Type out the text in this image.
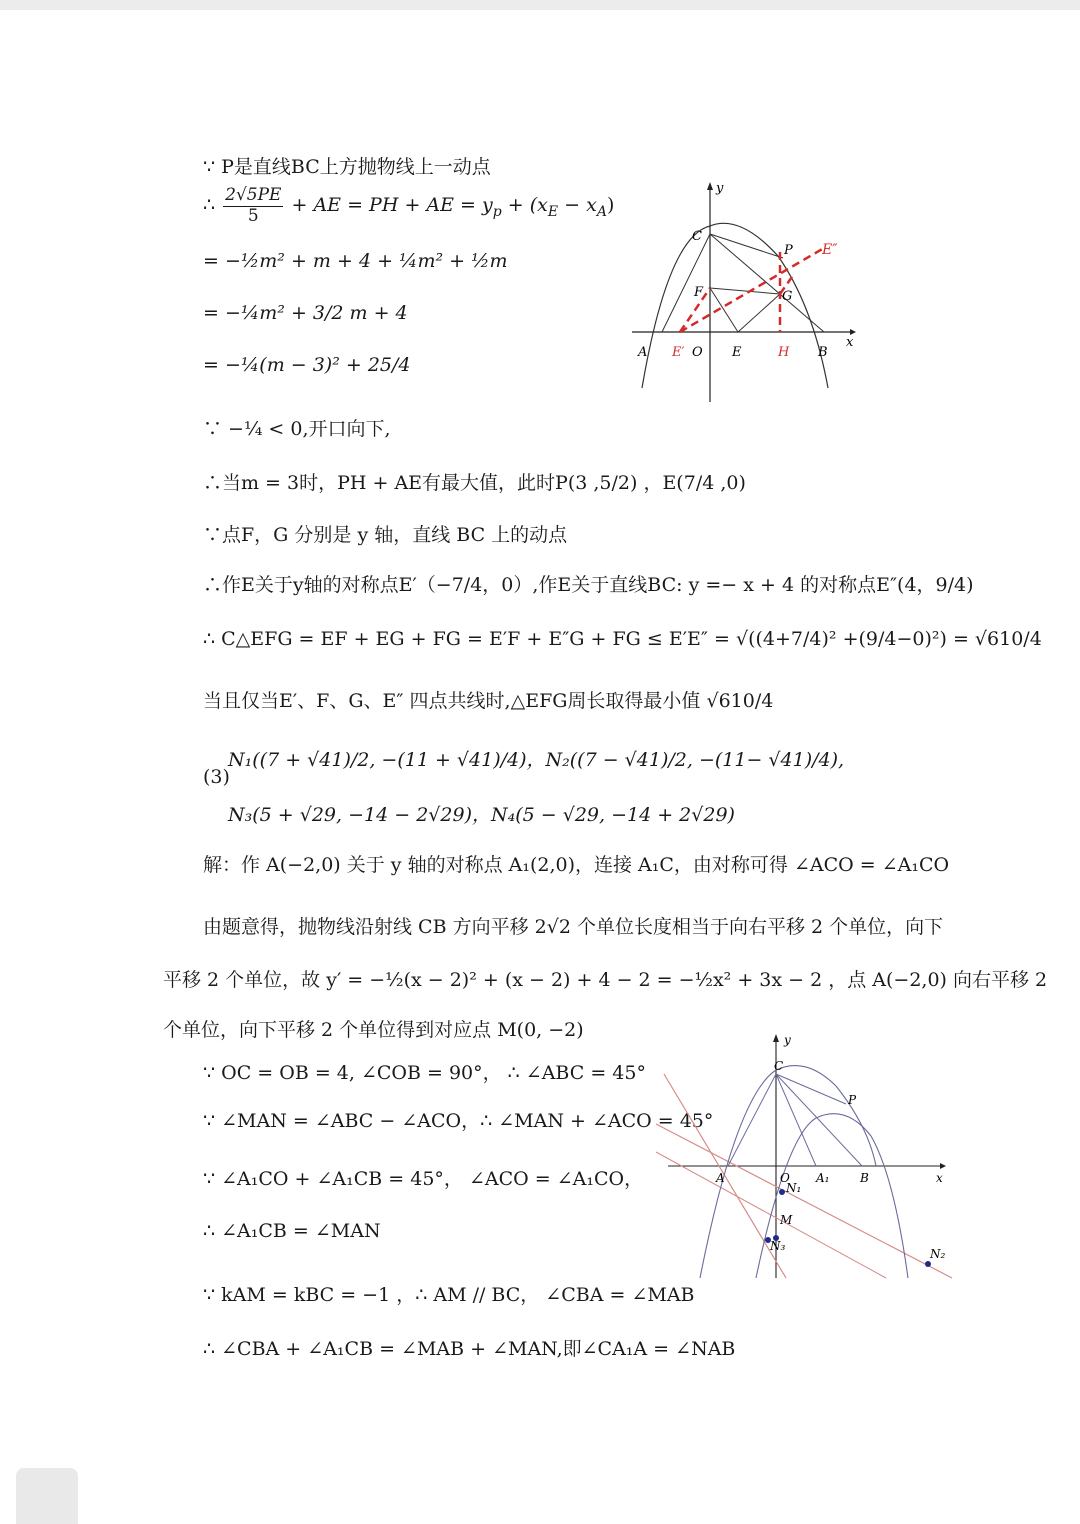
∵ P是直线BC上方抛物线上一动点
∴ $\frac{2√5PE}{5}$ + AE = PH + AE = $y_p + (x_E - x_A)$
= −½m² + m + 4 + ¼m² + ½m
= −¼m² + 3/2 m + 4
= −¼(m − 3)² + 25/4
∵ −¼ < 0,开口向下,
∴当m = 3时，PH + AE有最大值，此时P(3 ,5/2) ，E(7/4 ,0)
∵点F，G 分别是 y 轴，直线 BC 上的动点
∴作E关于y轴的对称点E′（−7/4，0）,作E关于直线BC: y =− x + 4 的对称点E″(4，9/4)
∴ C△EFG = EF + EG + FG = E′F + E″G + FG ≤ E′E″ = √((4+7/4)² +(9/4−0)²) = √610/4
当且仅当E′、F、G、E″ 四点共线时,△EFG周长取得最小值 √610/4
(3)
N₁((7 + √41)/2, −(11 + √41)/4)，N₂((7 − √41)/2, −(11− √41)/4),
N₃(5 + √29, −14 − 2√29)，N₄(5 − √29, −14 + 2√29)
解：作 A(−2,0) 关于 y 轴的对称点 A₁(2,0)，连接 A₁C，由对称可得 ∠ACO = ∠A₁CO
由题意得，抛物线沿射线 CB 方向平移 2√2 个单位长度相当于向右平移 2 个单位，向下
平移 2 个单位，故 y′ = −½(x − 2)² + (x − 2) + 4 − 2 = −½x² + 3x − 2 ，点 A(−2,0) 向右平移 2
个单位，向下平移 2 个单位得到对应点 M(0, −2)
∵ OC = OB = 4, ∠COB = 90°， ∴ ∠ABC = 45°
∵ ∠MAN = ∠ABC − ∠ACO，∴ ∠MAN + ∠ACO = 45°
∵ ∠A₁CO + ∠A₁CB = 45°， ∠ACO = ∠A₁CO，
∴ ∠A₁CB = ∠MAN
∵ kAM = kBC = −1 ，∴ AM // BC， ∠CBA = ∠MAB
∴ ∠CBA + ∠A₁CB = ∠MAB + ∠MAN,即∠CA₁A = ∠NAB
y
x
C
P E″
F	G
A E′ O E	H B
y
x
C
P
A	O A₁	B
N₁
M
N₃
N₂
